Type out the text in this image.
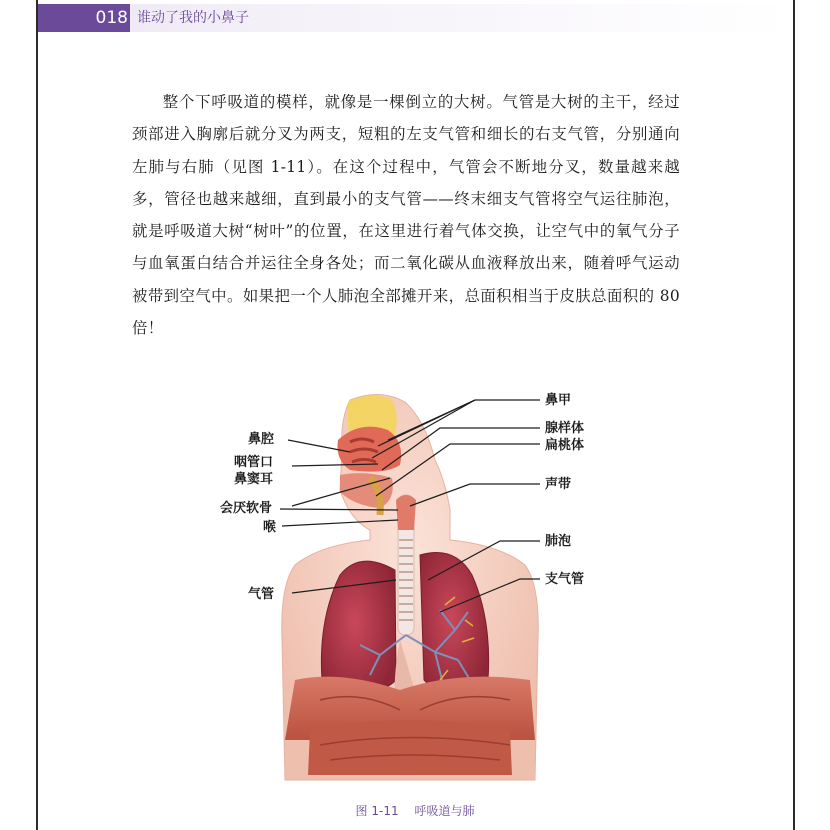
018 谁动了我的小鼻子

整个下呼吸道的模样，就像是一棵倒立的大树。气管是大树的主干，经过颈部进入胸廓后就分叉为两支，短粗的左支气管和细长的右支气管，分别通向左肺与右肺（见图 1-11）。在这个过程中，气管会不断地分叉，数量越来越多，管径也越来越细，直到最小的支气管——终末细支气管将空气运往肺泡，就是呼吸道大树“树叶”的位置，在这里进行着气体交换，让空气中的氧气分子与血氧蛋白结合并运往全身各处；而二氧化碳从血液释放出来，随着呼气运动被带到空气中。如果把一个人肺泡全部摊开来，总面积相当于皮肤总面积的 80 倍！

鼻腔
咽管口
鼻窦耳
会厌软骨
喉
气管
鼻甲
腺样体
扁桃体
声带
肺泡
支气管
图 1-11 呼吸道与肺
